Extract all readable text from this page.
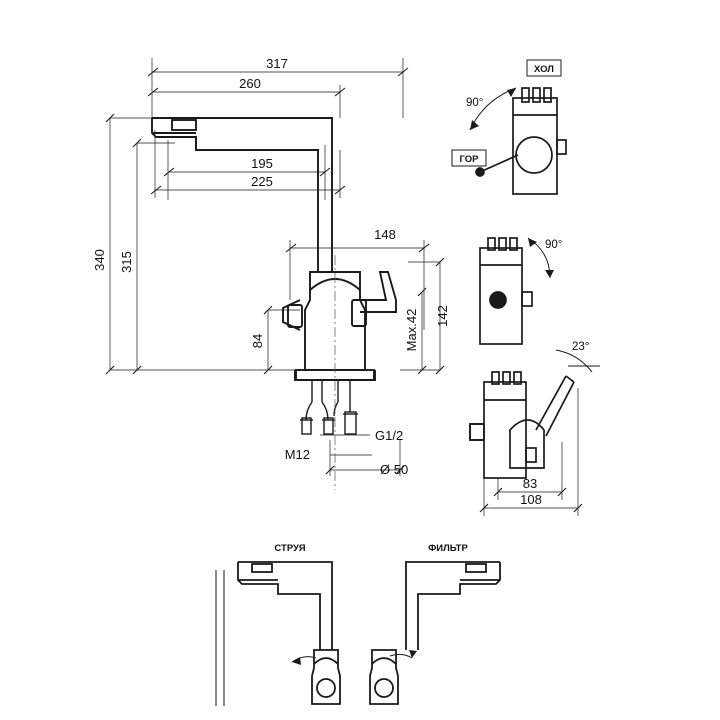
317
260
195
225
148
340 315
84
142
Max.42
M12
G1/2
Ø 50
90°
ХОЛ
ГОР
90°
23°
83
108
СТРУЯ	ФИЛЬТР
